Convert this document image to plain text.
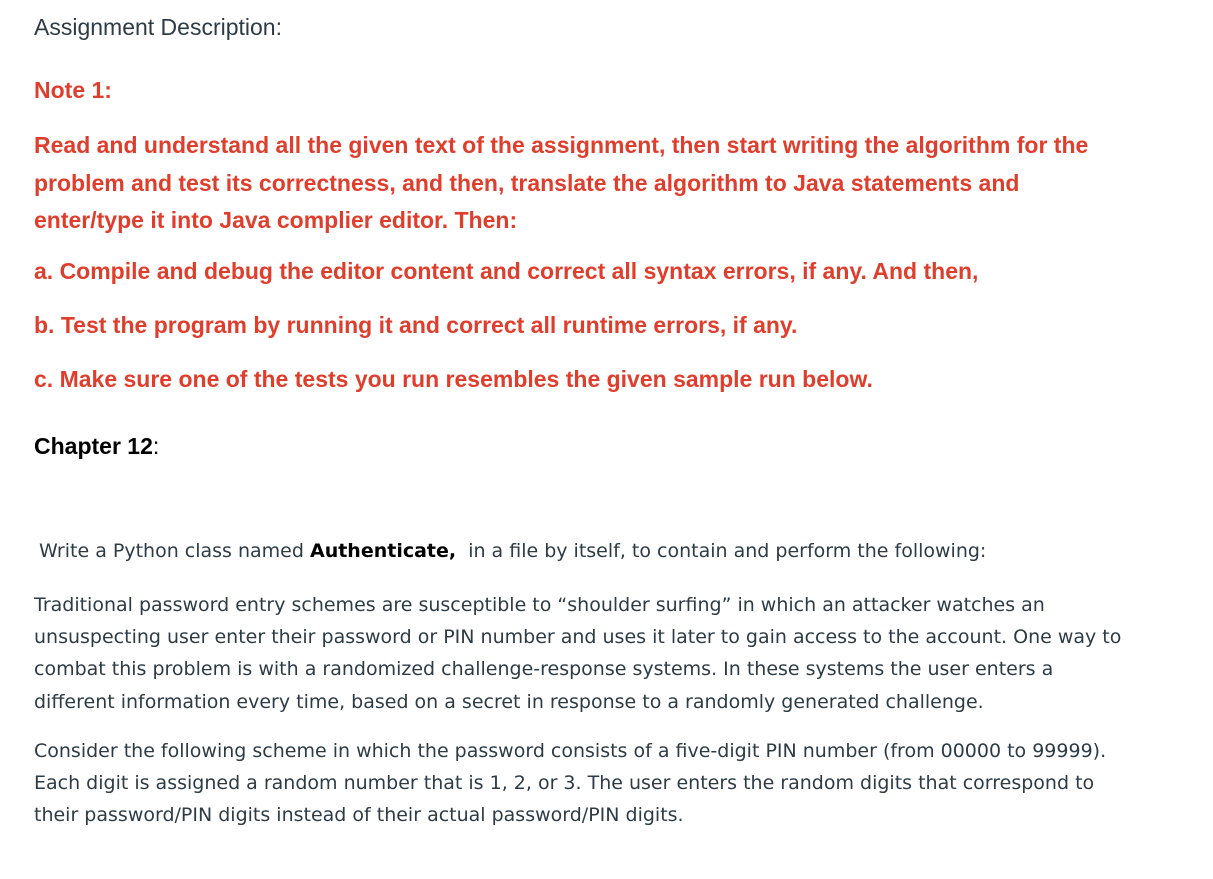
Assignment Description:
Note 1:
Read and understand all the given text of the assignment, then start writing the algorithm for the problem and test its correctness, and then, translate the algorithm to Java statements and enter/type it into Java complier editor. Then:
a. Compile and debug the editor content and correct all syntax errors, if any. And then,
b. Test the program by running it and correct all runtime errors, if any.
c. Make sure one of the tests you run resembles the given sample run below.
Chapter 12:
Write a Python class named Authenticate,  in a file by itself, to contain and perform the following:
Traditional password entry schemes are susceptible to “shoulder surfing” in which an attacker watches an unsuspecting user enter their password or PIN number and uses it later to gain access to the account. One way to combat this problem is with a randomized challenge-response systems. In these systems the user enters a different information every time, based on a secret in response to a randomly generated challenge.
Consider the following scheme in which the password consists of a five-digit PIN number (from 00000 to 99999). Each digit is assigned a random number that is 1, 2, or 3. The user enters the random digits that correspond to their password/PIN digits instead of their actual password/PIN digits.
